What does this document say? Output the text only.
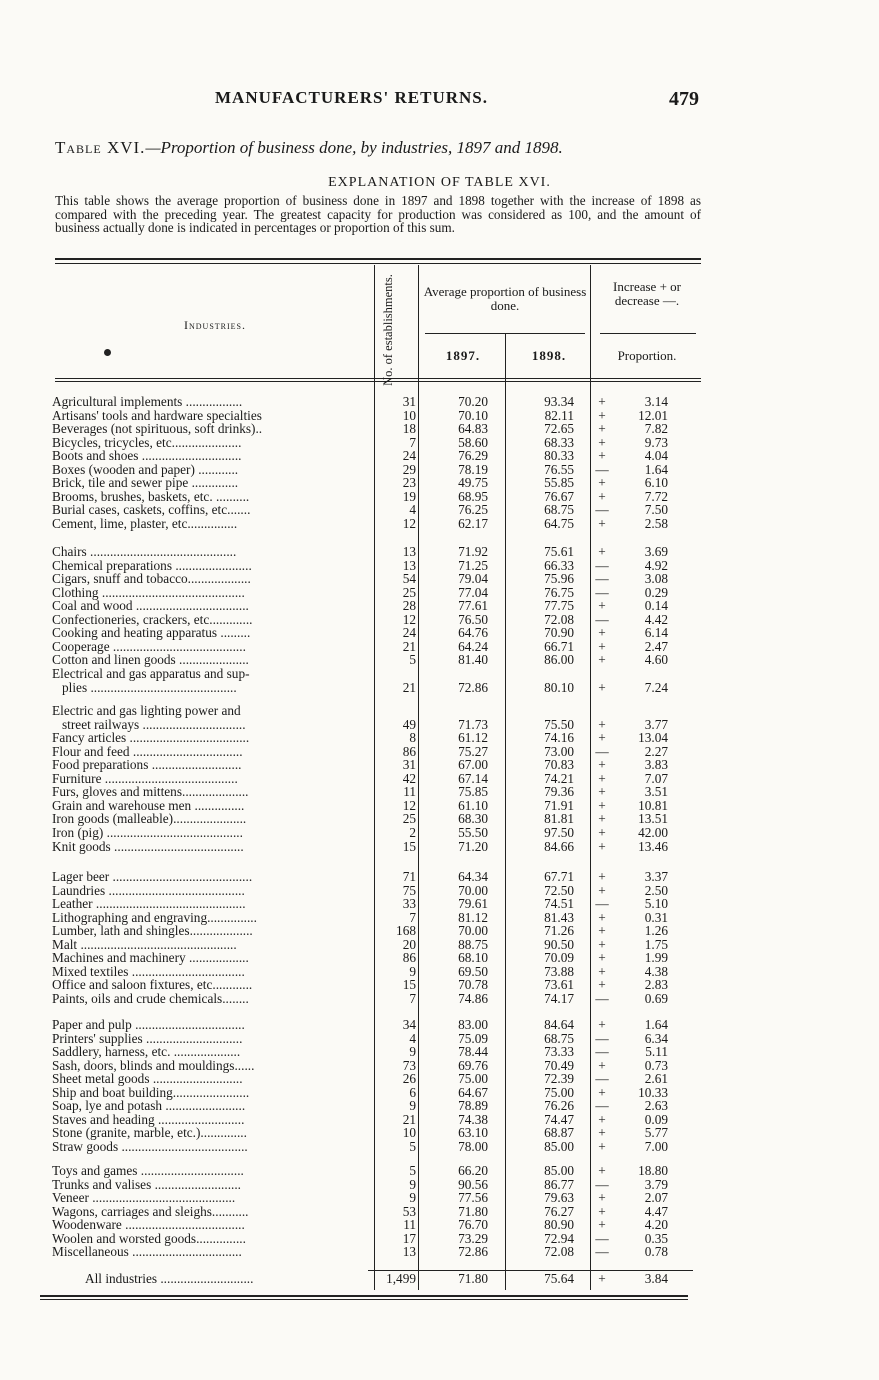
MANUFACTURERS' RETURNS.	479
Table XVI.—Proportion of business done, by industries, 1897 and 1898.
EXPLANATION OF TABLE XVI.
This table shows the average proportion of business done in 1897 and 1898 together with the increase of 1898 as compared with the preceding year. The greatest capacity for production was considered as 100, and the amount of business actually done is indicated in percentages or proportion of this sum.
Industries.	No. of establishments. Average proportion of business done.
Increase + or decrease —.
1897.	1898.	Proportion.
Agricultural implements .................	31	70.20	93.34	+	3.14
Artisans' tools and hardware specialties	10	70.10	82.11	+	12.01
Beverages (not spirituous, soft drinks)..	18	64.83	72.65	+	7.82
Bicycles, tricycles, etc.....................	7	58.60	68.33	+	9.73
Boots and shoes ..............................	24	76.29	80.33	+	4.04
Boxes (wooden and paper) ............	29	78.19	76.55 —	1.64
Brick, tile and sewer pipe ..............	23	49.75	55.85	+	6.10
Brooms, brushes, baskets, etc. ..........	19	68.95	76.67	+	7.72
Burial cases, caskets, coffins, etc.......	4	76.25	68.75 —	7.50
Cement, lime, plaster, etc...............	12	62.17	64.75	+	2.58
Chairs ............................................	13	71.92	75.61	+	3.69
Chemical preparations .......................	13	71.25	66.33 —	4.92
Cigars, snuff and tobacco...................	54	79.04	75.96 —	3.08
Clothing ...........................................	25	77.04	76.75 —	0.29
Coal and wood ..................................	28	77.61	77.75	+	0.14
Confectioneries, crackers, etc.............	12	76.50	72.08 —	4.42
Cooking and heating apparatus .........	24	64.76	70.90	+	6.14
Cooperage ........................................	21	64.24	66.71	+	2.47
Cotton and linen goods .....................	5	81.40	86.00	+	4.60
Electrical and gas apparatus and sup-
plies ............................................	21	72.86	80.10	+	7.24
Electric and gas lighting power and
street railways ...............................	49	71.73	75.50	+	3.77
Fancy articles ....................................	8	61.12	74.16	+	13.04
Flour and feed .................................	86	75.27	73.00 —	2.27
Food preparations ...........................	31	67.00	70.83	+	3.83
Furniture ........................................	42	67.14	74.21	+	7.07
Furs, gloves and mittens....................	11	75.85	79.36	+	3.51
Grain and warehouse men ...............	12	61.10	71.91	+	10.81
Iron goods (malleable)......................	25	68.30	81.81	+	13.51
Iron (pig) .........................................	2	55.50	97.50	+	42.00
Knit goods .......................................	15	71.20	84.66	+	13.46
Lager beer ..........................................	71	64.34	67.71	+	3.37
Laundries .........................................	75	70.00	72.50	+	2.50
Leather .............................................	33	79.61	74.51 —	5.10
Lithographing and engraving...............	7	81.12	81.43	+	0.31
Lumber, lath and shingles...................	168	70.00	71.26	+	1.26
Malt ...............................................	20	88.75	90.50	+	1.75
Machines and machinery ..................	86	68.10	70.09	+	1.99
Mixed textiles ..................................	9	69.50	73.88	+	4.38
Office and saloon fixtures, etc............	15	70.78	73.61	+	2.83
Paints, oils and crude chemicals........	7	74.86	74.17 —	0.69
Paper and pulp .................................	34	83.00	84.64	+	1.64
Printers' supplies .............................	4	75.09	68.75 —	6.34
Saddlery, harness, etc. ....................	9	78.44	73.33 —	5.11
Sash, doors, blinds and mouldings......	73	69.76	70.49	+	0.73
Sheet metal goods ...........................	26	75.00	72.39 —	2.61
Ship and boat building.......................	6	64.67	75.00	+	10.33
Soap, lye and potash ........................	9	78.89	76.26 —	2.63
Staves and heading ..........................	21	74.38	74.47	+	0.09
Stone (granite, marble, etc.)..............	10	63.10	68.87	+	5.77
Straw goods ......................................	5	78.00	85.00	+	7.00
Toys and games ...............................	5	66.20	85.00	+	18.80
Trunks and valises ..........................	9	90.56	86.77 —	3.79
Veneer ...........................................	9	77.56	79.63	+	2.07
Wagons, carriages and sleighs...........	53	71.80	76.27	+	4.47
Woodenware ....................................	11	76.70	80.90	+	4.20
Woolen and worsted goods...............	17	73.29	72.94 —	0.35
Miscellaneous .................................	13	72.86	72.08 —	0.78
All industries ............................	1,499	71.80	75.64	+	3.84
